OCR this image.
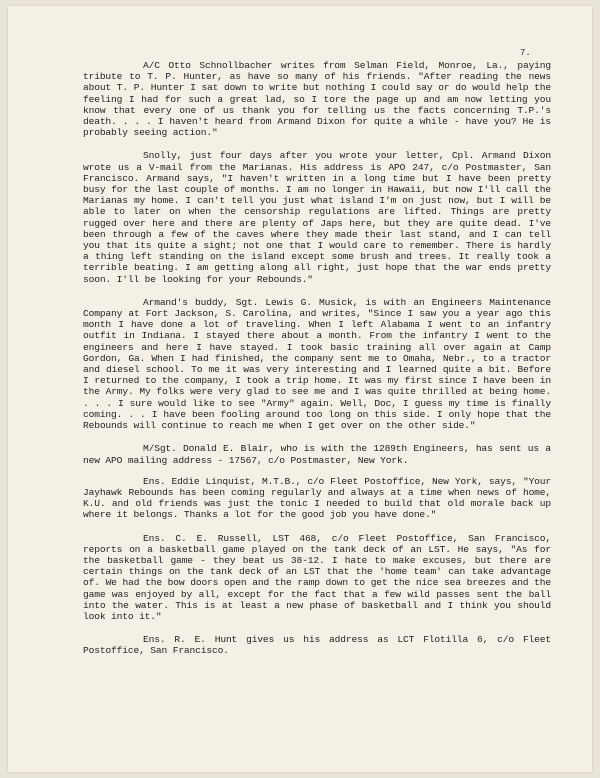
7.

A/C Otto Schnollbacher writes from Selman Field, Monroe, La., paying tribute to T. P. Hunter, as have so many of his friends. "After reading the news about T. P. Hunter I sat down to write but nothing I could say or do would help the feeling I had for such a great lad, so I tore the page up and am now letting you know that every one of us thank you for telling us the facts concerning T.P.'s death. . . . I haven't heard from Armand Dixon for quite a while - have you? He is probably seeing action."

Snolly, just four days after you wrote your letter, Cpl. Armand Dixon wrote us a V-mail from the Marianas. His address is APO 247, c/o Postmaster, San Francisco. Armand says, "I haven't written in a long time but I have been pretty busy for the last couple of months. I am no longer in Hawaii, but now I'll call the Marianas my home. I can't tell you just what island I'm on just now, but I will be able to later on when the censorship regulations are lifted. Things are pretty rugged over here and there are plenty of Japs here, but they are quite dead. I've been through a few of the caves where they made their last stand, and I can tell you that its quite a sight; not one that I would care to remember. There is hardly a thing left standing on the island except some brush and trees. It really took a terrible beating. I am getting along all right, just hope that the war ends pretty soon. I'll be looking for your Rebounds."

Armand's buddy, Sgt. Lewis G. Musick, is with an Engineers Maintenance Company at Fort Jackson, S. Carolina, and writes, "Since I saw you a year ago this month I have done a lot of traveling. When I left Alabama I went to an infantry outfit in Indiana. I stayed there about a month. From the infantry I went to the engineers and here I have stayed. I took basic training all over again at Camp Gordon, Ga. When I had finished, the company sent me to Omaha, Nebr., to a tractor and diesel school. To me it was very interesting and I learned quite a bit. Before I returned to the company, I took a trip home. It was my first since I have been in the Army. My folks were very glad to see me and I was quite thrilled at being home. . . . I sure would like to see "Army" again. Well, Doc, I guess my time is finally coming. . . I have been fooling around too long on this side. I only hope that the Rebounds will continue to reach me when I get over on the other side."

M/Sgt. Donald E. Blair, who is with the 1289th Engineers, has sent us a new APO mailing address - 17567, c/o Postmaster, New York.

Ens. Eddie Linquist, M.T.B., c/o Fleet Postoffice, New York, says, "Your Jayhawk Rebounds has been coming regularly and always at a time when news of home, K.U. and old friends was just the tonic I needed to build that old morale back up where it belongs. Thanks a lot for the good job you have done."

Ens. C. E. Russell, LST 468, c/o Fleet Postoffice, San Francisco, reports on a basketball game played on the tank deck of an LST. He says, "As for the basketball game - they beat us 38-12. I hate to make excuses, but there are certain things on the tank deck of an LST that the 'home team' can take advantage of. We had the bow doors open and the ramp down to get the nice sea breezes and the game was enjoyed by all, except for the fact that a few wild passes sent the ball into the water. This is at least a new phase of basketball and I think you should look into it."

Ens. R. E. Hunt gives us his address as LCT Flotilla 6, c/o Fleet Postoffice, San Francisco.
